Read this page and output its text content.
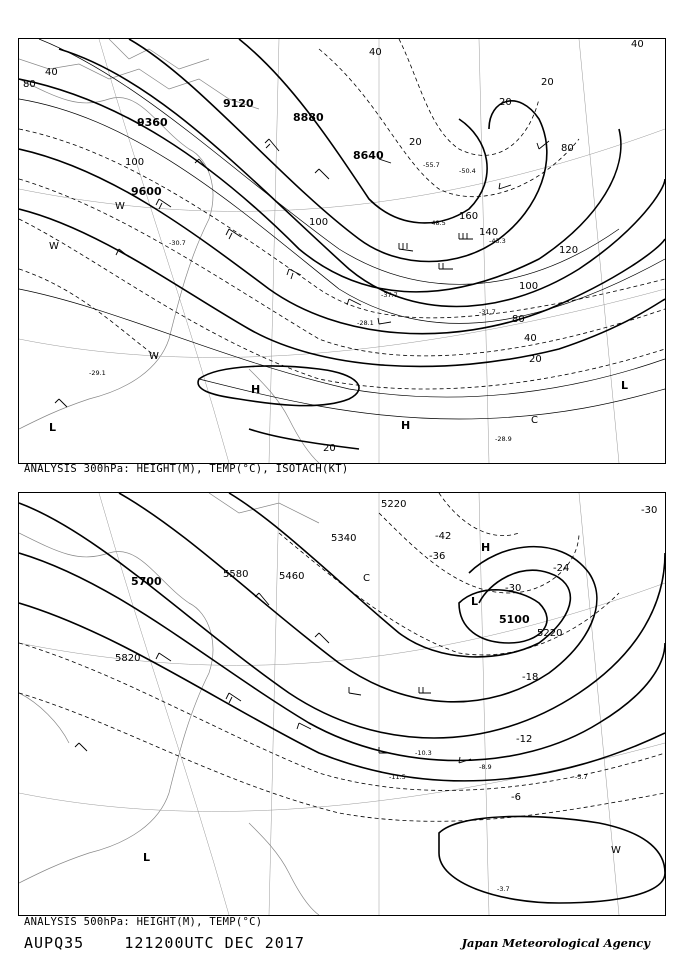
9360
9120
8880
8640
9600
20
40
20
80
100
120
140
160
40
20
20
80
40
80
40
100
100
20
-28.1
-29.1
-30.7
-31.7
-37.7
-43.3
-48.5
-50.4
-55.7
-28.9
H
H
L
L
C
W
W
W
ANALYSIS 300hPa: HEIGHT(M), TEMP(°C), ISOTACH(KT)
5700
5820
5460
5580
5340
5220
5100
5220
-6
-12
-18
-24
-30
-36
-42
-30
-5.7
-8.9
-10.3
-11.5
-3.7
H
L
L
W
C
ANALYSIS 500hPa: HEIGHT(M), TEMP(°C)
AUPQ35	121200UTC DEC 2017	Japan Meteorological Agency
